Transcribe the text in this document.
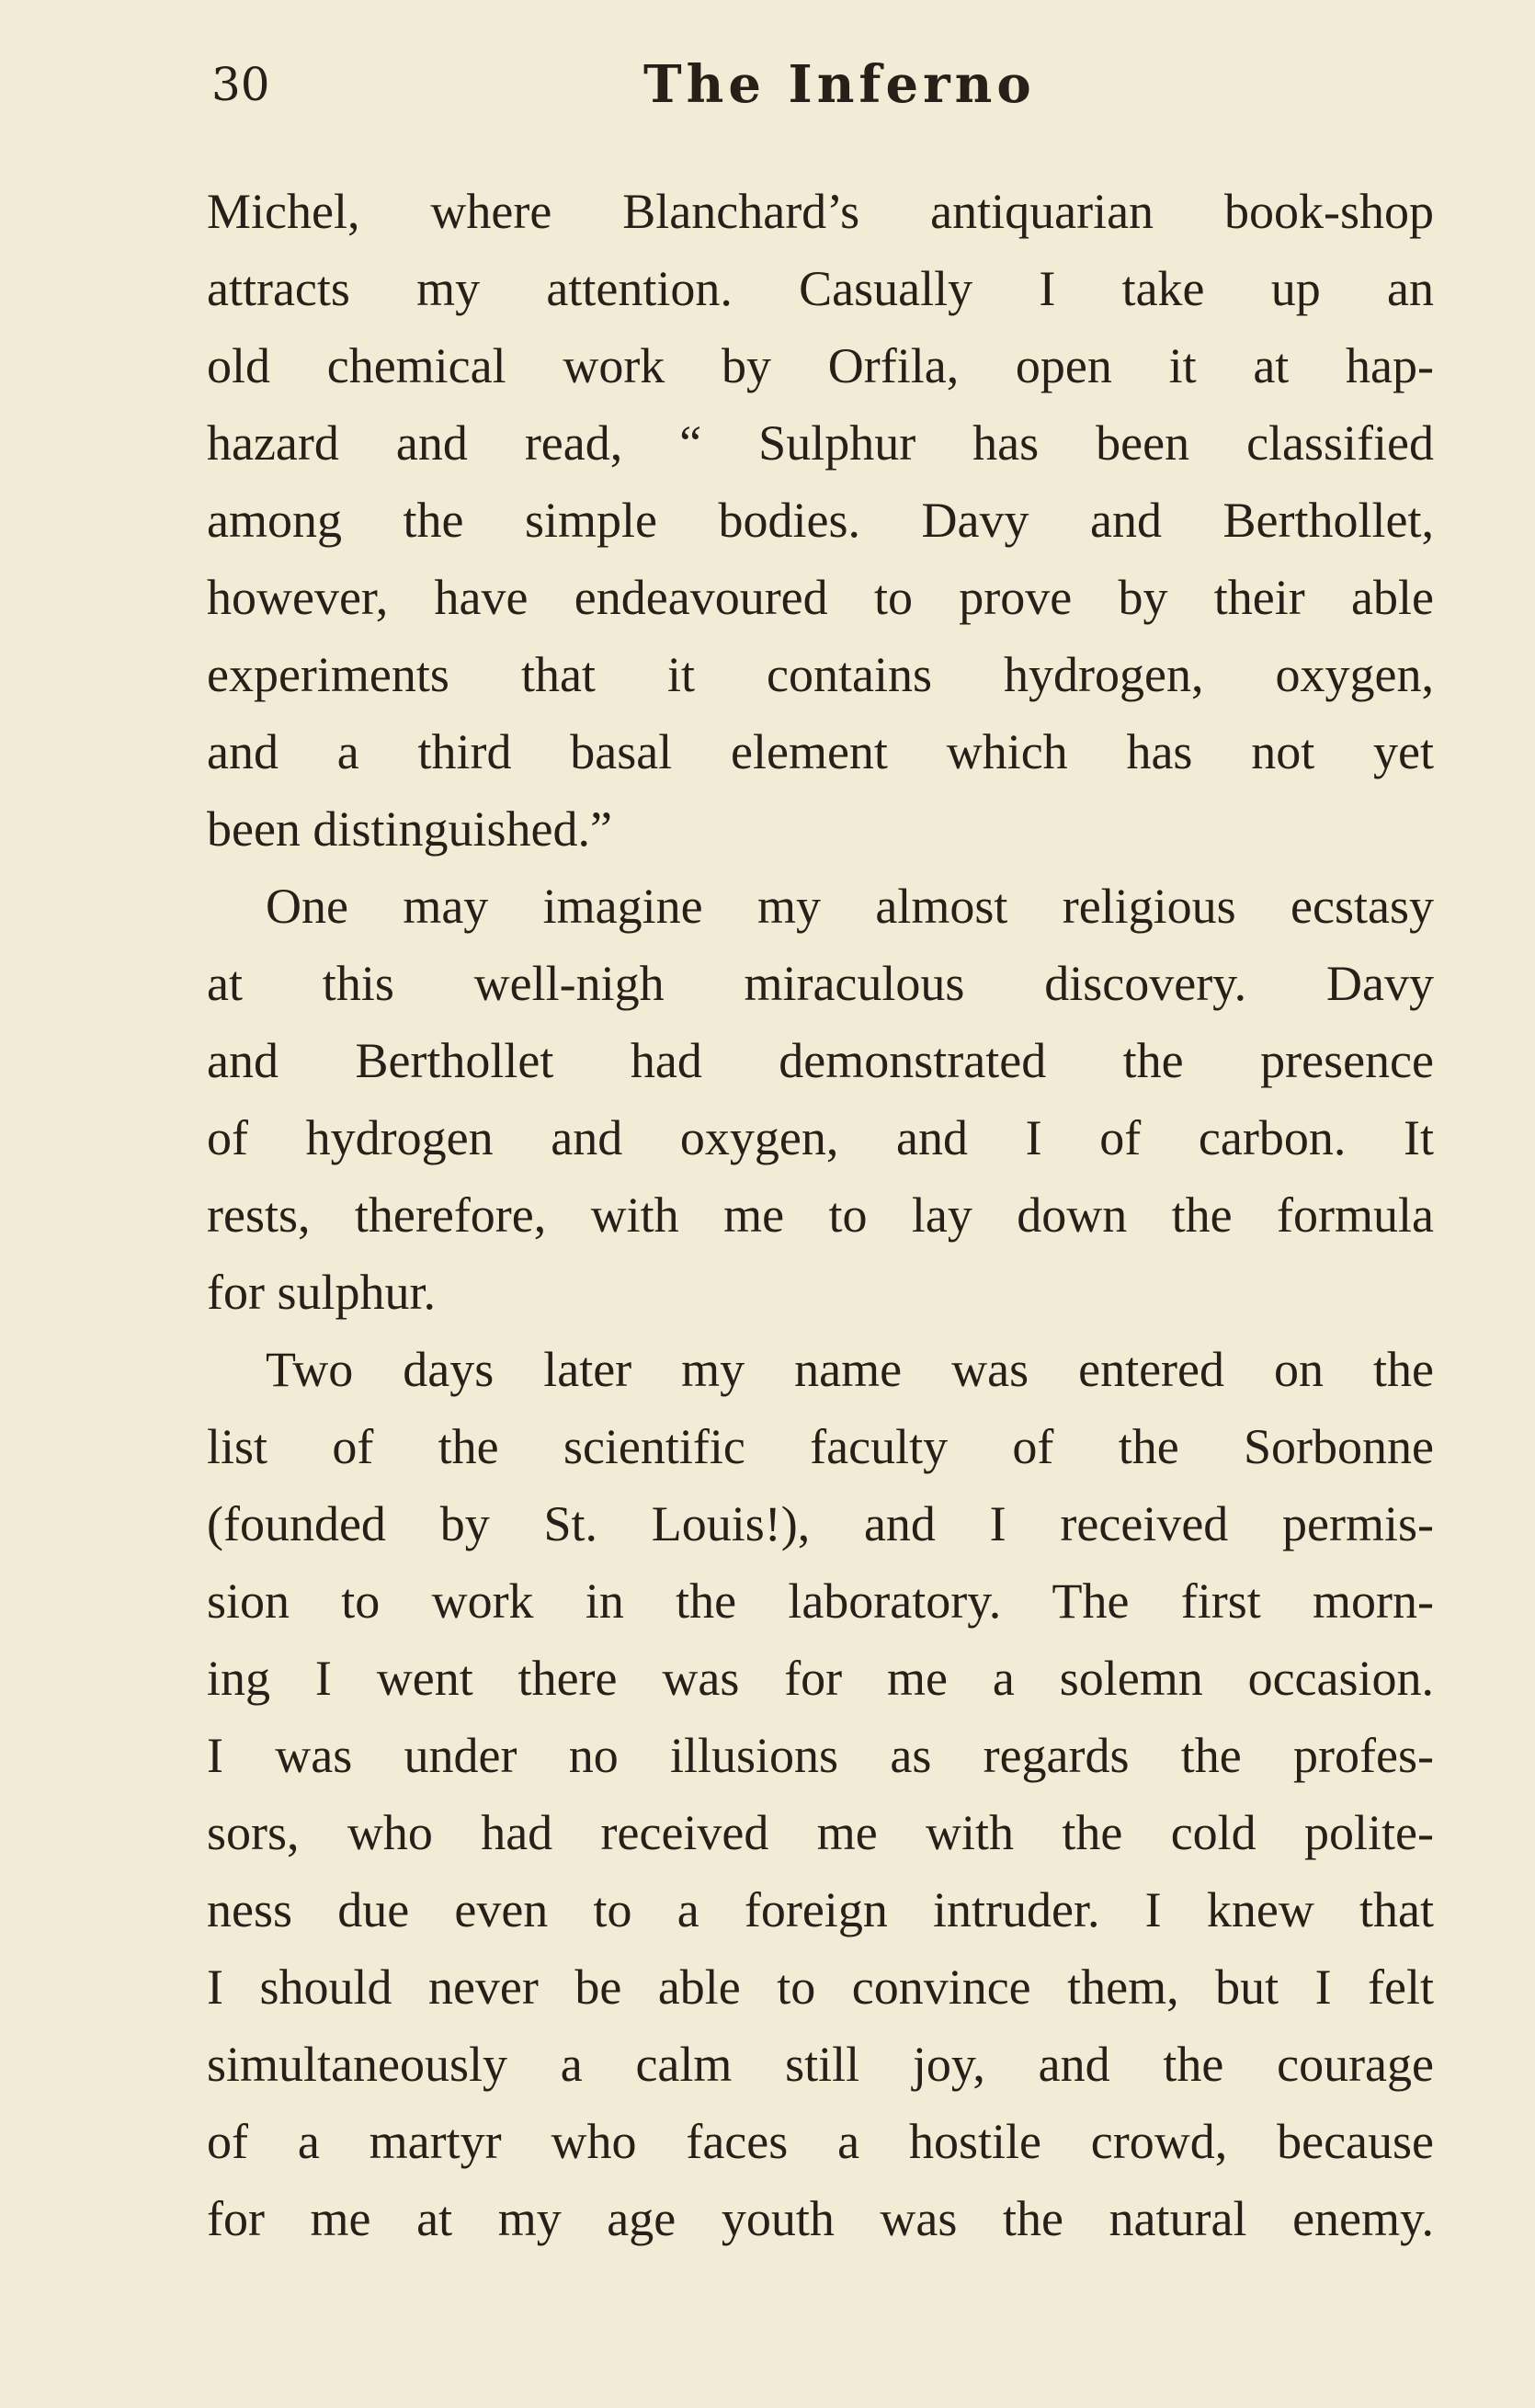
30	The Inferno
Michel, where Blanchard’s antiquarian book-shop
attracts my attention. Casually I take up an
old chemical work by Orfila, open it at hap-
hazard and read, “ Sulphur has been classified
among the simple bodies. Davy and Berthollet,
however, have endeavoured to prove by their able
experiments that it contains hydrogen, oxygen,
and a third basal element which has not yet
been distinguished.”
One may imagine my almost religious ecstasy
at this well-nigh miraculous discovery. Davy
and Berthollet had demonstrated the presence
of hydrogen and oxygen, and I of carbon. It
rests, therefore, with me to lay down the formula
for sulphur.
Two days later my name was entered on the
list of the scientific faculty of the Sorbonne
(founded by St. Louis!), and I received permis-
sion to work in the laboratory. The first morn-
ing I went there was for me a solemn occasion.
I was under no illusions as regards the profes-
sors, who had received me with the cold polite-
ness due even to a foreign intruder. I knew that
I should never be able to convince them, but I felt
simultaneously a calm still joy, and the courage
of a martyr who faces a hostile crowd, because
for me at my age youth was the natural enemy.
